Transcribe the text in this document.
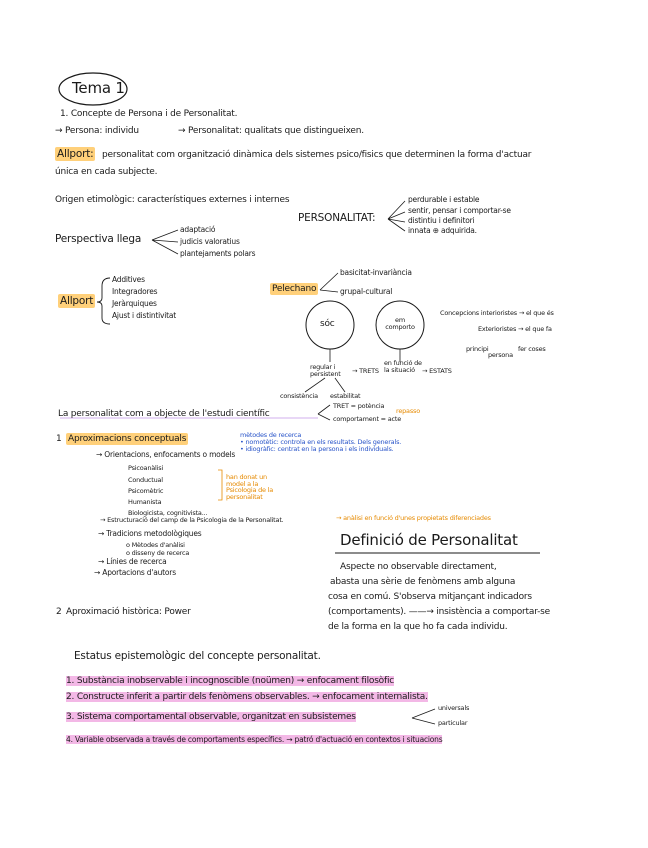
Tema 1
1. Concepte de Persona i de Personalitat.
→ Persona: individu	→ Personalitat: qualitats que distingueixen.
Allport: personalitat com organització dinàmica dels sistemes psico/fisics que determinen la forma d'actuar
única en cada subjecte.
Origen etimològic: característiques externes i internes
PERSONALITAT:
perdurable i estable
sentir, pensar i comportar-se
distintiu i definitori
innata ⊕ adquirida.
Perspectiva llega
adaptació
judicis valoratius
plantejaments polars
Allport
Additives
Integradores
Jeràrquiques
Ajust i distintivitat
Pelechano
basicitat-invariància
grupal-cultural
sóc	em comporto
regular i persistent	→ TRETS
consistència estabilitat
en funció de la situació	→ ESTATS
Concepcions interioristes → el que és
Exterioristes → el que fa
principi
persona
fer coses
La personalitat com a objecte de l'estudi científic
TRET = potència
comportament = acte
repasso
mètodes de recerca
• nomotètic: controla en els resultats. Dels generals.
• idiogràfic: centrat en la persona i els individuals.
1 Aproximacions conceptuals
→ Orientacions, enfocaments o models
Psicoanàlisi
Conductual
Psicomètric
Humanista
Biologicista, cognitivista...
han donat un model a la Psicologia de la personalitat
→ Estructuració del camp de la Psicologia de la Personalitat.	→ anàlisi en funció d'unes propietats diferenciades
→ Tradicions metodològiques
o Mètodes d'anàlisi
o disseny de recerca
→ Línies de recerca
→ Aportacions d'autors
Definició de Personalitat
Aspecte no observable directament,
abasta una sèrie de fenòmens amb alguna
cosa en comú. S'observa mitjançant indicadors
(comportaments). ——→ insistència a comportar-se
de la forma en la que ho fa cada individu.
2 Aproximació històrica: Power
Estatus epistemològic del concepte personalitat.
1. Substància inobservable i incognoscible (noümen) → enfocament filosòfic
2. Constructe inferit a partir dels fenòmens observables. → enfocament internalista.
3. Sistema comportamental observable, organitzat en subsistemes
universals
particular
4. Variable observada a través de comportaments específics. → patró d'actuació en contextos i situacions
